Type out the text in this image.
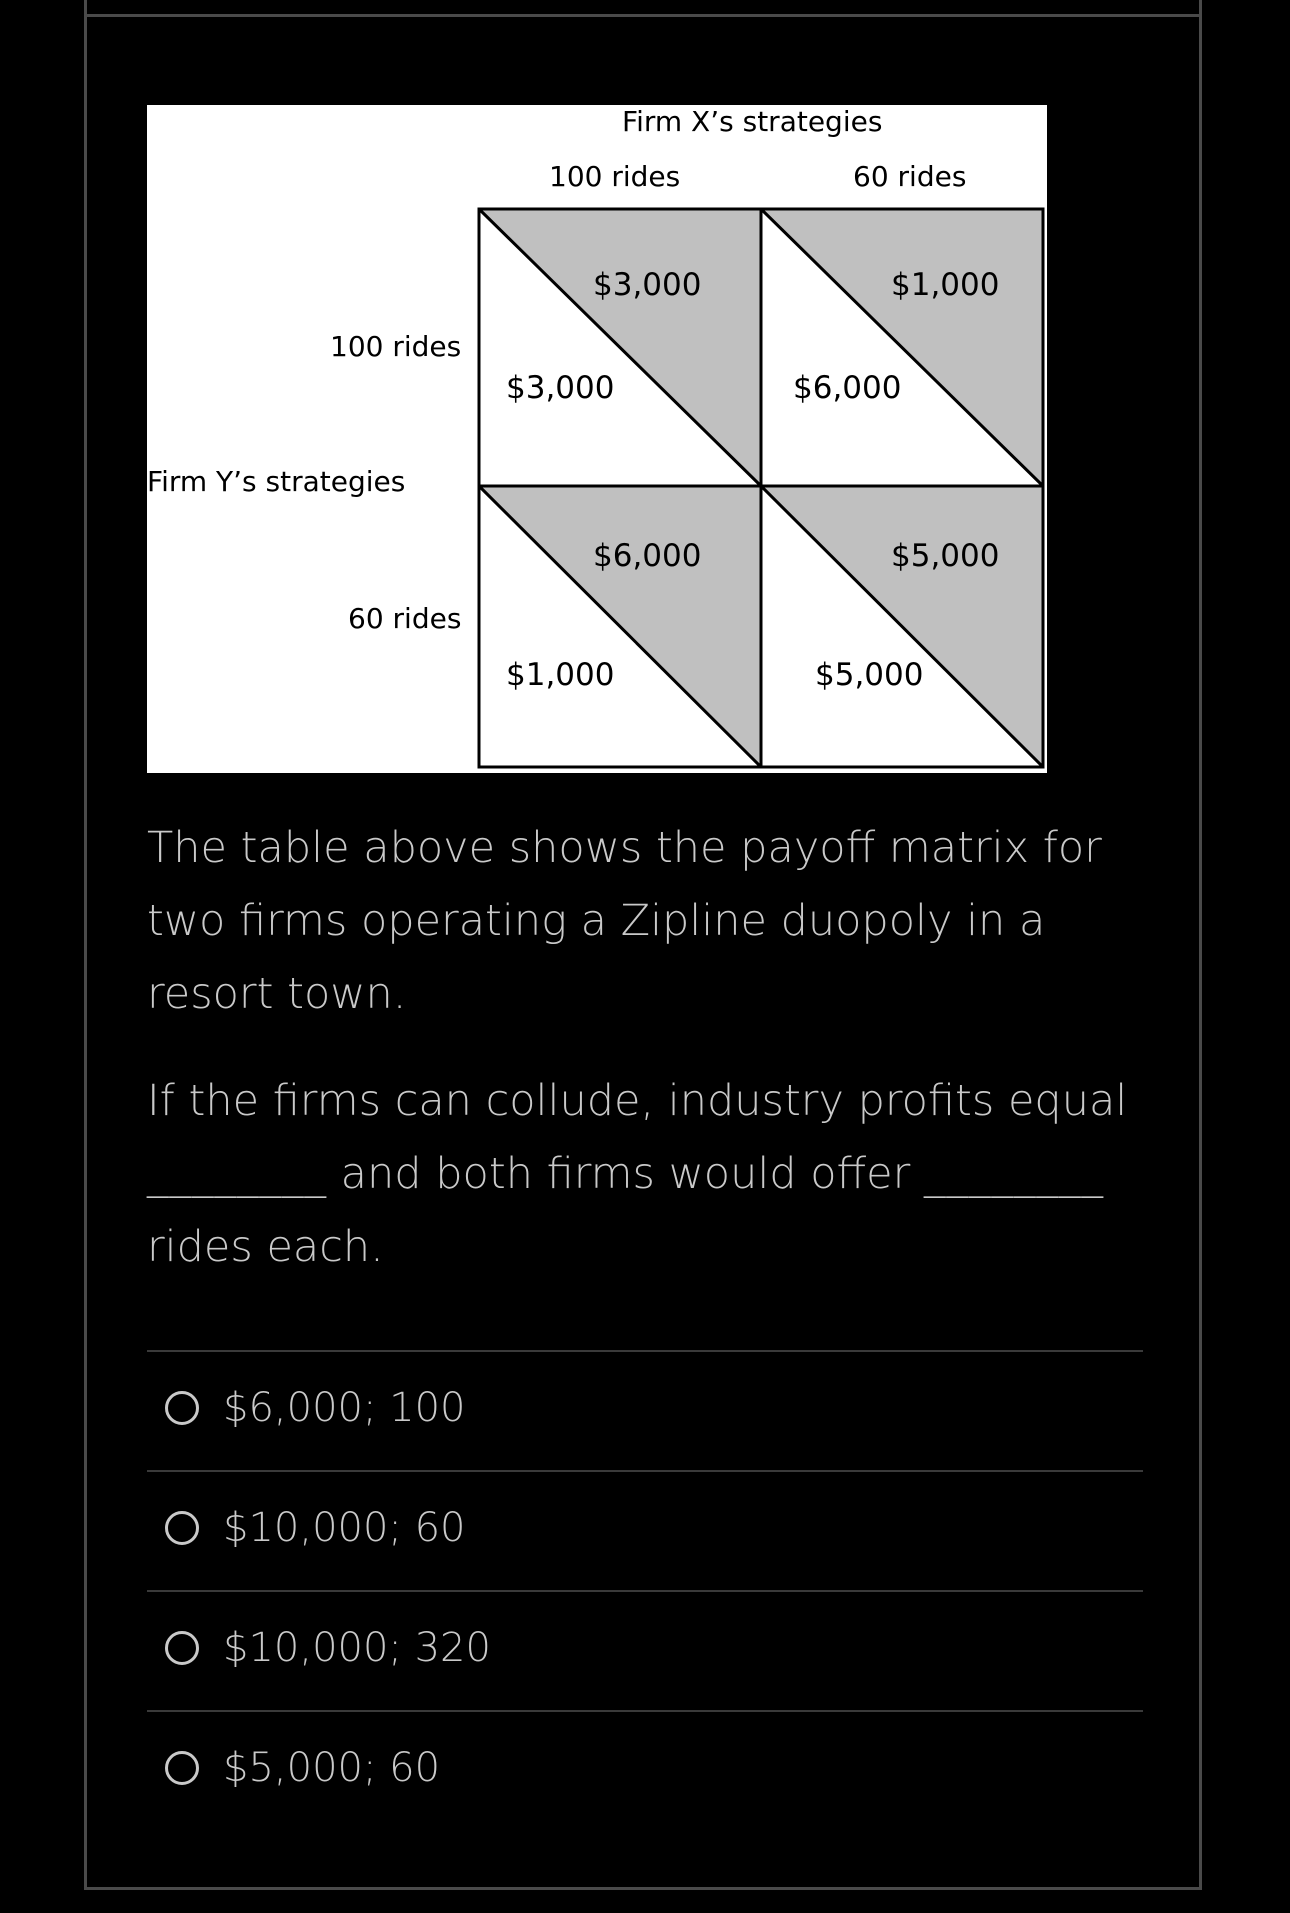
Firm X’s strategies
100 rides	60 rides
100 rides
Firm Y’s strategies
60 rides
$3,000
$3,000
$1,000
$6,000
$6,000
$1,000
$5,000
$5,000
The table above shows the payoff matrix for two firms operating a Zipline duopoly in a resort town.
If the firms can collude, industry profits equal ________ and both firms would offer ________ rides each.
$6,000; 100
$10,000; 60
$10,000; 320
$5,000; 60
